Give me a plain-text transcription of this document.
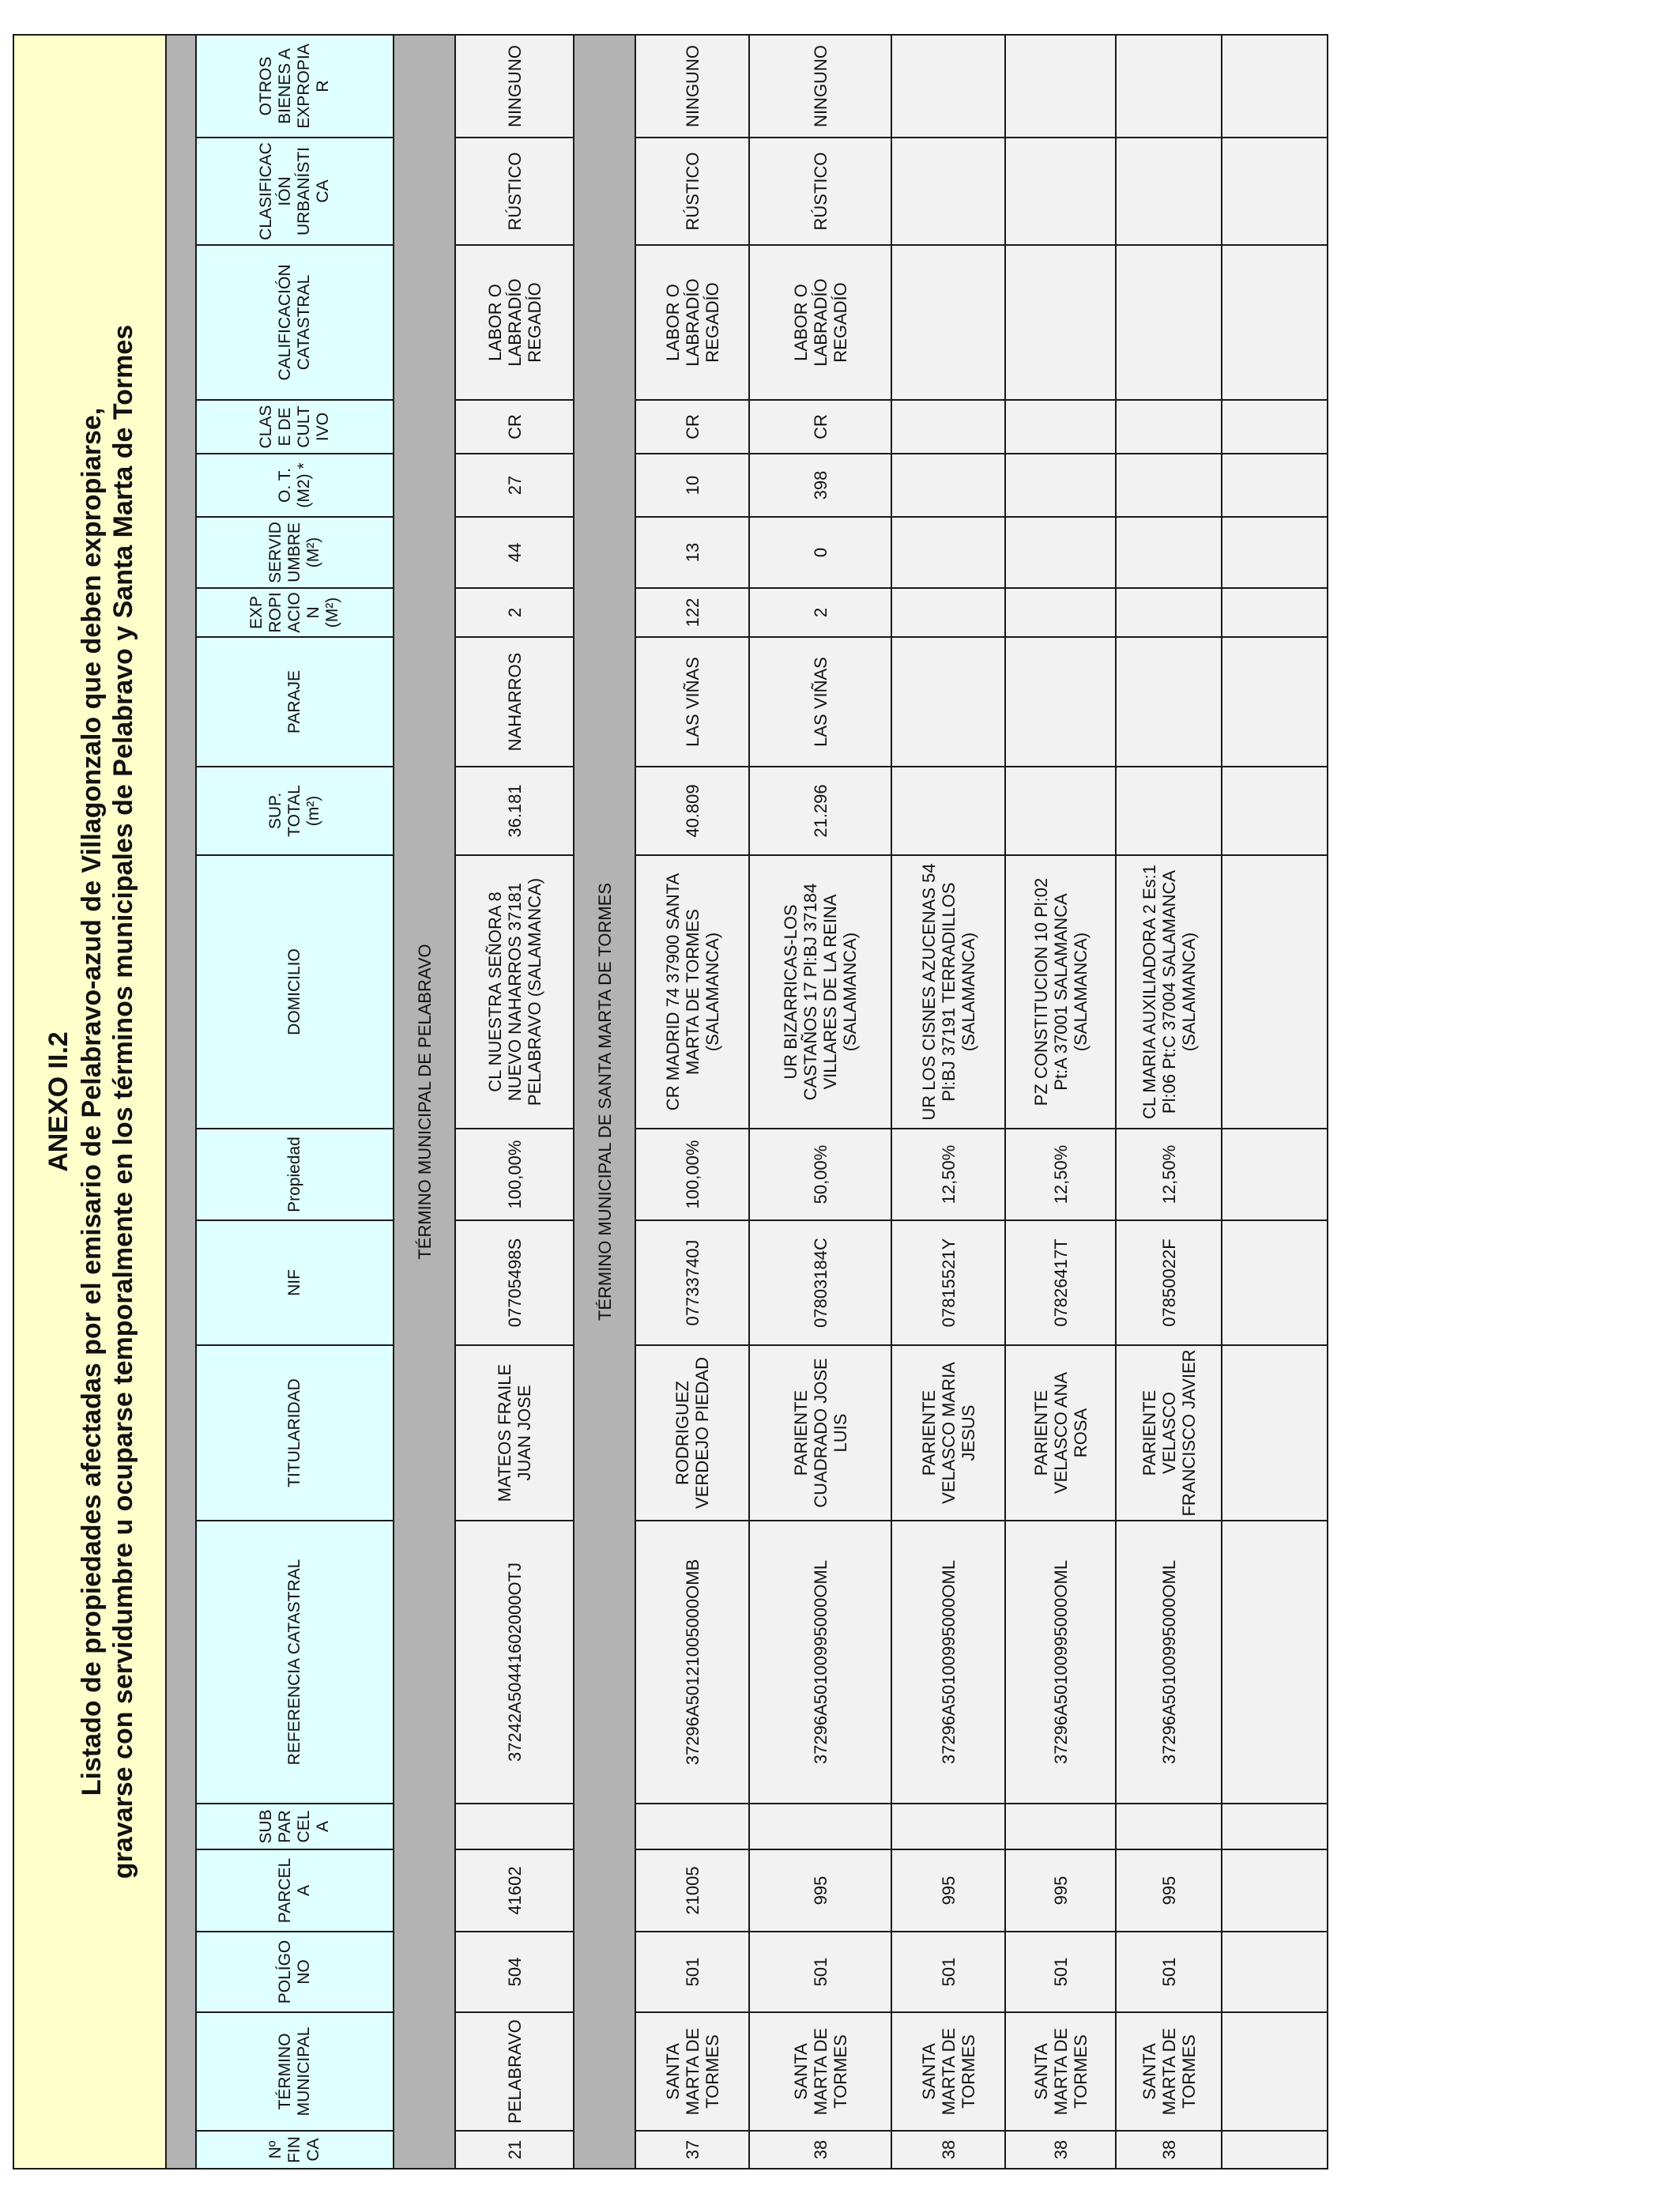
ANEXO II.2 Listado de propiedades afectadas por el emisario de Pelabravo-azud de Villagonzalo que deben expropiarse, gravarse con servidumbre u ocuparse temporalmente en los términos municipales de Pelabravo y Santa Marta de Tormes																		

Nº FINCA	TÉRMINO MUNICIPAL	POLÍGONO	PARCELA	SUBPARCELA	REFERENCIA CATASTRAL	TITULARIDAD	NIF	Propiedad	DOMICILIO	SUP. TOTAL (m²)	PARAJE	EXPROPIACION (M²)	SERVIDUMBRE (M²)	O. T. (M2) *	CLASE DE CULTIVO	CALIFICACIÓN CATASTRAL	CLASIFICACIÓN URBANÍSTICA	OTROS BIENES A EXPROPIAR
TÉRMINO MUNICIPAL DE PELABRAVO																		
21	PELABRAVO	504	41602		37242A50441602000OTJ	MATEOS FRAILE JUAN JOSE	07705498S	100,00%	CL NUESTRA SEÑORA 8 NUEVO NAHARROS 37181 PELABRAVO (SALAMANCA)	36.181	NAHARROS	2	44	27	CR	LABOR O LABRADÍO REGADÍO	RÚSTICO	NINGUNO
TÉRMINO MUNICIPAL DE SANTA MARTA DE TORMES																		
37	SANTA MARTA DE TORMES	501	21005		37296A50121005000OMB	RODRIGUEZ VERDEJO PIEDAD	07733740J	100,00%	CR MADRID 74 37900 SANTA MARTA DE TORMES (SALAMANCA)	40.809	LAS VIÑAS	122	13	10	CR	LABOR O LABRADÍO REGADÍO	RÚSTICO	NINGUNO
38	SANTA MARTA DE TORMES	501	995		37296A50100995000OML	PARIENTE CUADRADO JOSE LUIS	07803184C	50,00%	UR BIZARRICAS-LOS CASTAÑOS 17 Pl:BJ 37184 VILLARES DE LA REINA (SALAMANCA)	21.296	LAS VIÑAS	2	0	398	CR	LABOR O LABRADÍO REGADÍO	RÚSTICO	NINGUNO
38	SANTA MARTA DE TORMES	501	995		37296A50100995000OML	PARIENTE VELASCO MARIA JESUS	07815521Y	12,50%	UR LOS CISNES AZUCENAS 54 Pl:BJ 37191 TERRADILLOS (SALAMANCA)									
38	SANTA MARTA DE TORMES	501	995		37296A50100995000OML	PARIENTE VELASCO ANA ROSA	07826417T	12,50%	PZ CONSTITUCION 10 Pl:02 Pt:A 37001 SALAMANCA (SALAMANCA)									
38	SANTA MARTA DE TORMES	501	995		37296A50100995000OML	PARIENTE VELASCO FRANCISCO JAVIER	07850022F	12,50%	CL MARIA AUXILIADORA 2 Es:1 Pl:06 Pt:C 37004 SALAMANCA (SALAMANCA)									
